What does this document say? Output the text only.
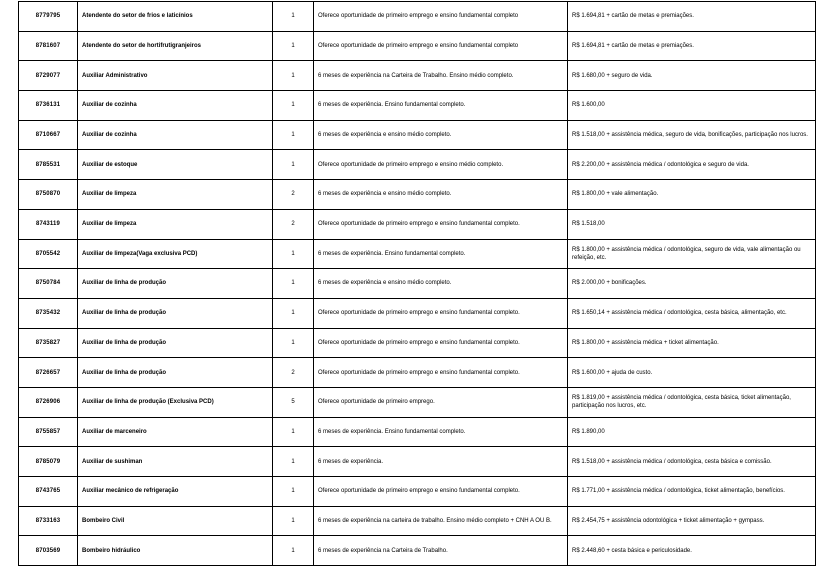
8779795	Atendente do setor de frios e laticínios	1	Oferece oportunidade de primeiro emprego e ensino fundamental completo	R$ 1.694,81 + cartão de metas e premiações.
8781607	Atendente do setor de hortifrutigranjeiros	1	Oferece oportunidade de primeiro emprego e ensino fundamental completo	R$ 1.694,81 + cartão de metas e premiações.
8729077	Auxiliar Administrativo	1	6 meses de experiência na Carteira de Trabalho. Ensino médio completo.	R$ 1.680,00 + seguro de vida.
8736131	Auxiliar de cozinha	1	6 meses de experiência. Ensino fundamental completo.	R$ 1.600,00
8710667	Auxiliar de cozinha	1	6 meses de experiência e ensino médio completo.	R$ 1.518,00 + assistência médica, seguro de vida, bonificações, participação nos lucros.
8785531	Auxiliar de estoque	1	Oferece oportunidade de primeiro emprego e ensino médio completo.	R$ 2.200,00 + assistência médica / odontológica e seguro de vida.
8750870	Auxiliar de limpeza	2	6 meses de experiência e ensino médio completo.	R$ 1.800,00 + vale alimentação.
8743119	Auxiliar de limpeza	2	Oferece oportunidade de primeiro emprego e ensino fundamental completo.	R$ 1.518,00
8705542	Auxiliar de limpeza(Vaga exclusiva PCD)	1	6 meses de experiência. Ensino fundamental completo.	R$ 1.800,00 + assistência médica / odontológica, seguro de vida, vale alimentação ou refeição, etc.
8750784	Auxiliar de linha de produção	1	6 meses de experiência e ensino médio completo.	R$ 2.000,00 + bonificações.
8735432	Auxiliar de linha de produção	1	Oferece oportunidade de primeiro emprego e ensino fundamental completo.	R$ 1.650,14 + assistência médica / odontológica, cesta básica, alimentação, etc.
8735827	Auxiliar de linha de produção	1	Oferece oportunidade de primeiro emprego e ensino fundamental completo.	R$ 1.800,00 + assistência médica + ticket alimentação.
8726657	Auxiliar de linha de produção	2	Oferece oportunidade de primeiro emprego e ensino fundamental completo.	R$ 1.600,00 + ajuda de custo.
8726906	Auxiliar de linha de produção (Exclusiva PCD)	5	Oferece oportunidade de primeiro emprego.	R$ 1.819,00 + assistência médica / odontológica, cesta básica, ticket alimentação, participação nos lucros, etc.
8755857	Auxiliar de marceneiro	1	6 meses de experiência. Ensino fundamental completo.	R$ 1.890,00
8785079	Auxiliar de sushiman	1	6 meses de experiência.	R$ 1.518,00 + assistência médica / odontológica, cesta básica e comissão.
8743765	Auxiliar mecânico de refrigeração	1	Oferece oportunidade de primeiro emprego e ensino fundamental completo.	R$ 1.771,00 + assistência médica / odontológica, ticket alimentação, benefícios.
8733163	Bombeiro Civil	1	6 meses de experiência na carteira de trabalho. Ensino médio completo + CNH A OU B.	R$ 2.454,75 + assistência odontológica + ticket alimentação + gympass.
8703569	Bombeiro hidráulico	1	6 meses de experiência na Carteira de Trabalho.	R$ 2.448,60 + cesta básica e periculosidade.
